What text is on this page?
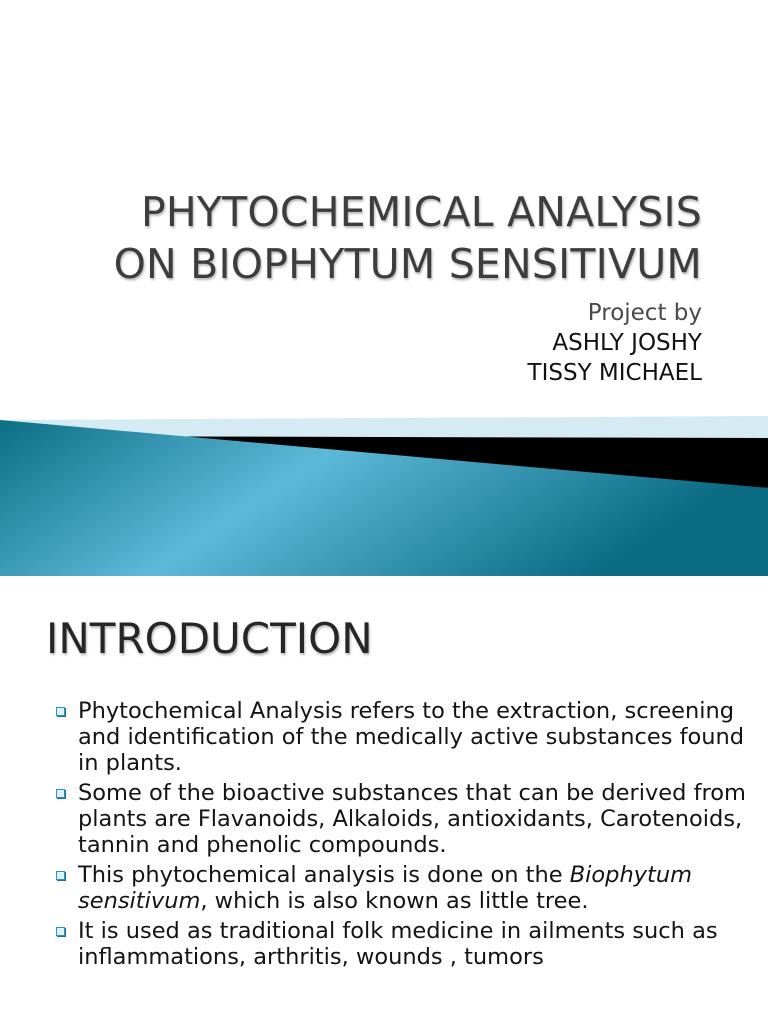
PHYTOCHEMICAL ANALYSIS
ON BIOPHYTUM SENSITIVUM
Project by
ASHLY JOSHY
TISSY MICHAEL
INTRODUCTION
Phytochemical Analysis refers to the extraction, screening and identification of the medically active substances found in plants.
Some of the bioactive substances that can be derived from plants are Flavanoids, Alkaloids, antioxidants, Carotenoids, tannin and phenolic compounds.
This phytochemical analysis is done on the Biophytum sensitivum, which is also known as little tree.
It is used as traditional folk medicine in ailments such as inflammations, arthritis, wounds , tumors
